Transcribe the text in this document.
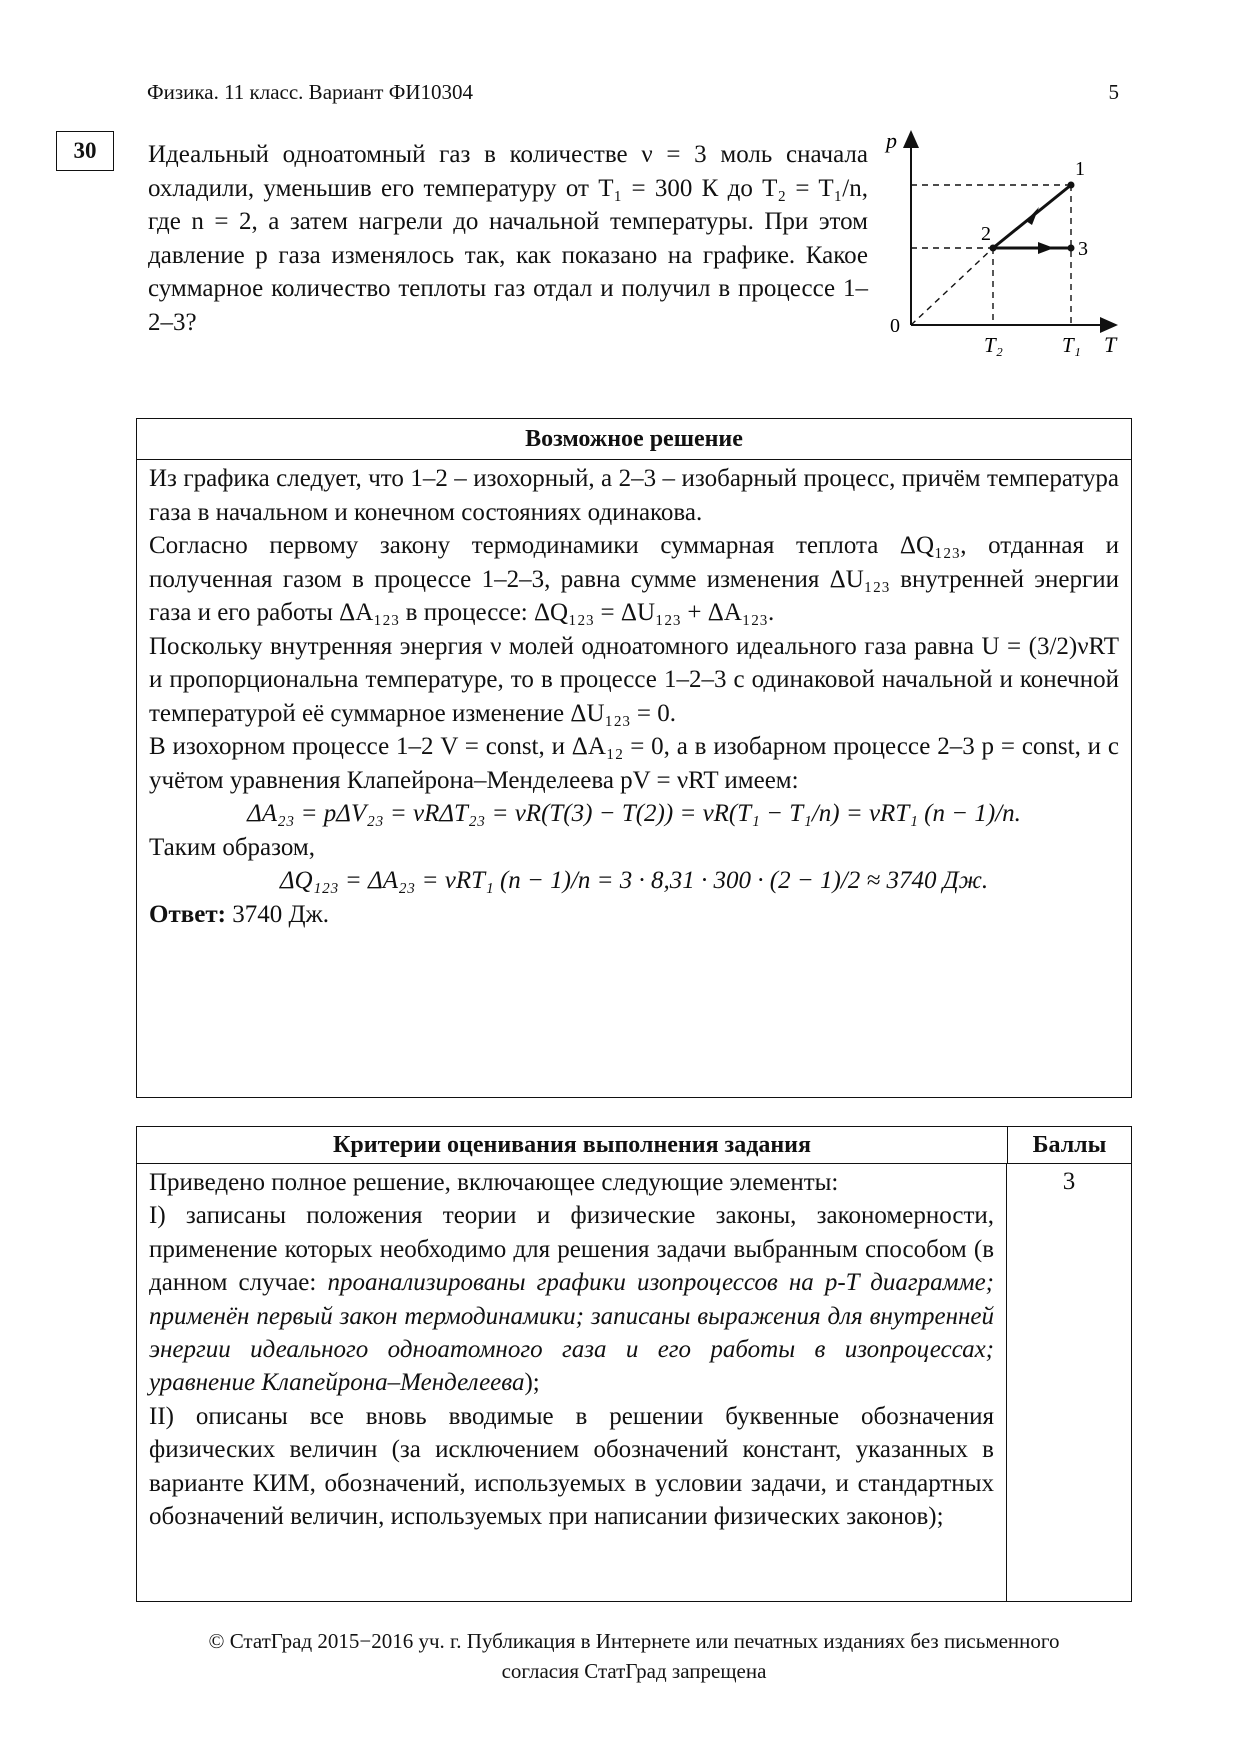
Физика. 11 класс. Вариант ФИ10304	5
30 Идеальный одноатомный газ в количестве ν = 3 моль сначала охладили, уменьшив его температуру от T₁ = 300 К до T₂ = T₁/n, где n = 2, а затем нагрели до начальной температуры. При этом давление p газа изменялось так, как показано на графике. Какое суммарное количество теплоты газ отдал и получил в процессе 1–2–3?

p
T
0
1
2
3
T₂	T₁
Возможное решение

Из графика следует, что 1–2 – изохорный, а 2–3 – изобарный процесс, причём температура газа в начальном и конечном состояниях одинакова.

Согласно первому закону термодинамики суммарная теплота ΔQ₁₂₃, отданная и полученная газом в процессе 1–2–3, равна сумме изменения ΔU₁₂₃ внутренней энергии газа и его работы ΔA₁₂₃ в процессе: ΔQ₁₂₃ = ΔU₁₂₃ + ΔA₁₂₃.

Поскольку внутренняя энергия ν молей одноатомного идеального газа равна U = (3/2)νRT и пропорциональна температуре, то в процессе 1–2–3 с одинаковой начальной и конечной температурой её суммарное изменение ΔU₁₂₃ = 0.

В изохорном процессе 1–2 V = const, и ΔA₁₂ = 0, а в изобарном процессе 2–3 p = const, и с учётом уравнения Клапейрона–Менделеева pV = νRT имеем:

ΔA₂₃ = pΔV₂₃ = νRΔT₂₃ = νR(T(3) − T(2)) = νR(T₁ − T₁/n) = νRT₁ (n − 1)/n.

Таким образом,

ΔQ₁₂₃ = ΔA₂₃ = νRT₁ (n − 1)/n = 3 · 8,31 · 300 · (2 − 1)/2 ≈ 3740 Дж.

Ответ: 3740 Дж.

Критерии оценивания выполнения задания	Баллы

Приведено полное решение, включающее следующие элементы:

I) записаны положения теории и физические законы, закономерности, применение которых необходимо для решения задачи выбранным способом (в данном случае: проанализированы графики изопроцессов на p-T диаграмме; применён первый закон термодинамики; записаны выражения для внутренней энергии идеального одноатомного газа и его работы в изопроцессах; уравнение Клапейрона–Менделеева);

II) описаны все вновь вводимые в решении буквенные обозначения физических величин (за исключением обозначений констант, указанных в варианте КИМ, обозначений, используемых в условии задачи, и стандартных обозначений величин, используемых при написании физических законов);

3
© СтатГрад 2015−2016 уч. г. Публикация в Интернете или печатных изданиях без письменного
согласия СтатГрад запрещена
